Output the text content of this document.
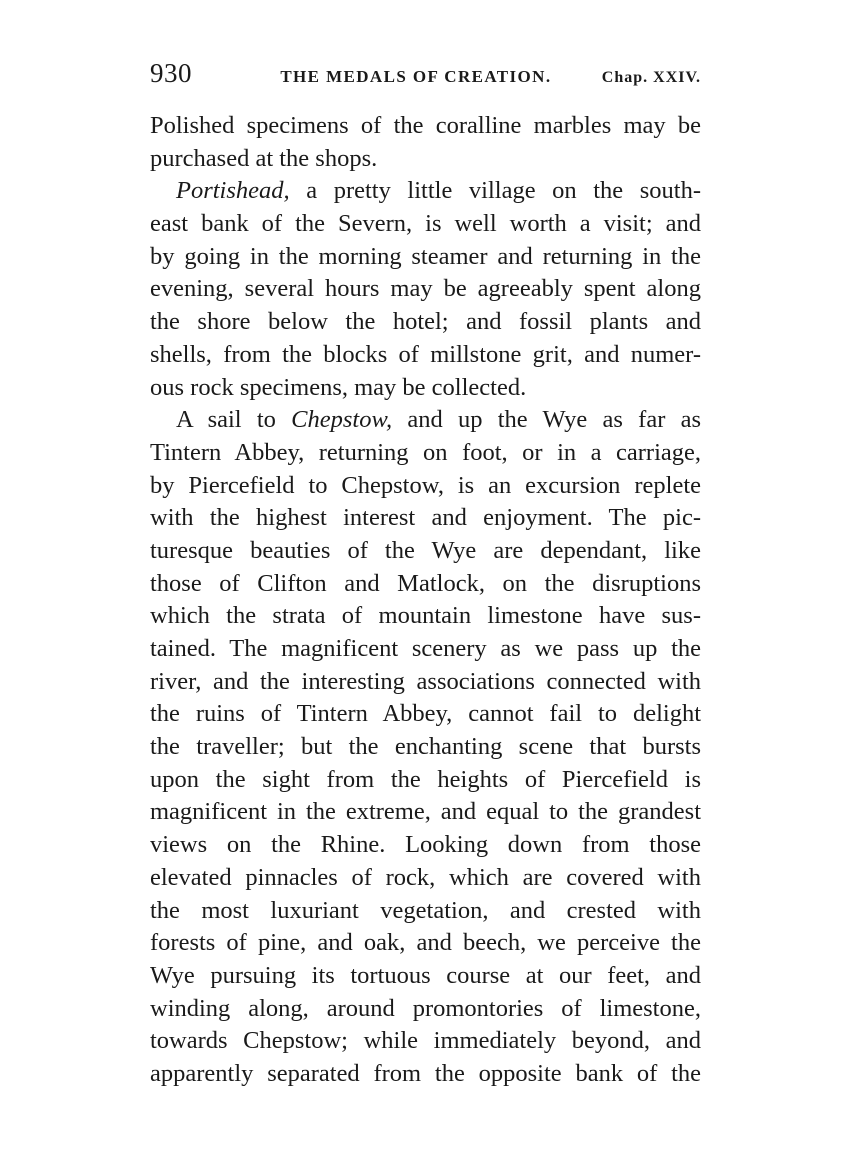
930	THE MEDALS OF CREATION.	Chap. XXIV.
Polished specimens of the coralline marbles may be
purchased at the shops.
Portishead, a pretty little village on the south-
east bank of the Severn, is well worth a visit; and
by going in the morning steamer and returning in the
evening, several hours may be agreeably spent along
the shore below the hotel; and fossil plants and
shells, from the blocks of millstone grit, and numer-
ous rock specimens, may be collected.
A sail to Chepstow, and up the Wye as far as
Tintern Abbey, returning on foot, or in a carriage,
by Piercefield to Chepstow, is an excursion replete
with the highest interest and enjoyment. The pic-
turesque beauties of the Wye are dependant, like
those of Clifton and Matlock, on the disruptions
which the strata of mountain limestone have sus-
tained. The magnificent scenery as we pass up the
river, and the interesting associations connected with
the ruins of Tintern Abbey, cannot fail to delight
the traveller; but the enchanting scene that bursts
upon the sight from the heights of Piercefield is
magnificent in the extreme, and equal to the grandest
views on the Rhine. Looking down from those
elevated pinnacles of rock, which are covered with
the most luxuriant vegetation, and crested with
forests of pine, and oak, and beech, we perceive the
Wye pursuing its tortuous course at our feet, and
winding along, around promontories of limestone,
towards Chepstow; while immediately beyond, and
apparently separated from the opposite bank of the
